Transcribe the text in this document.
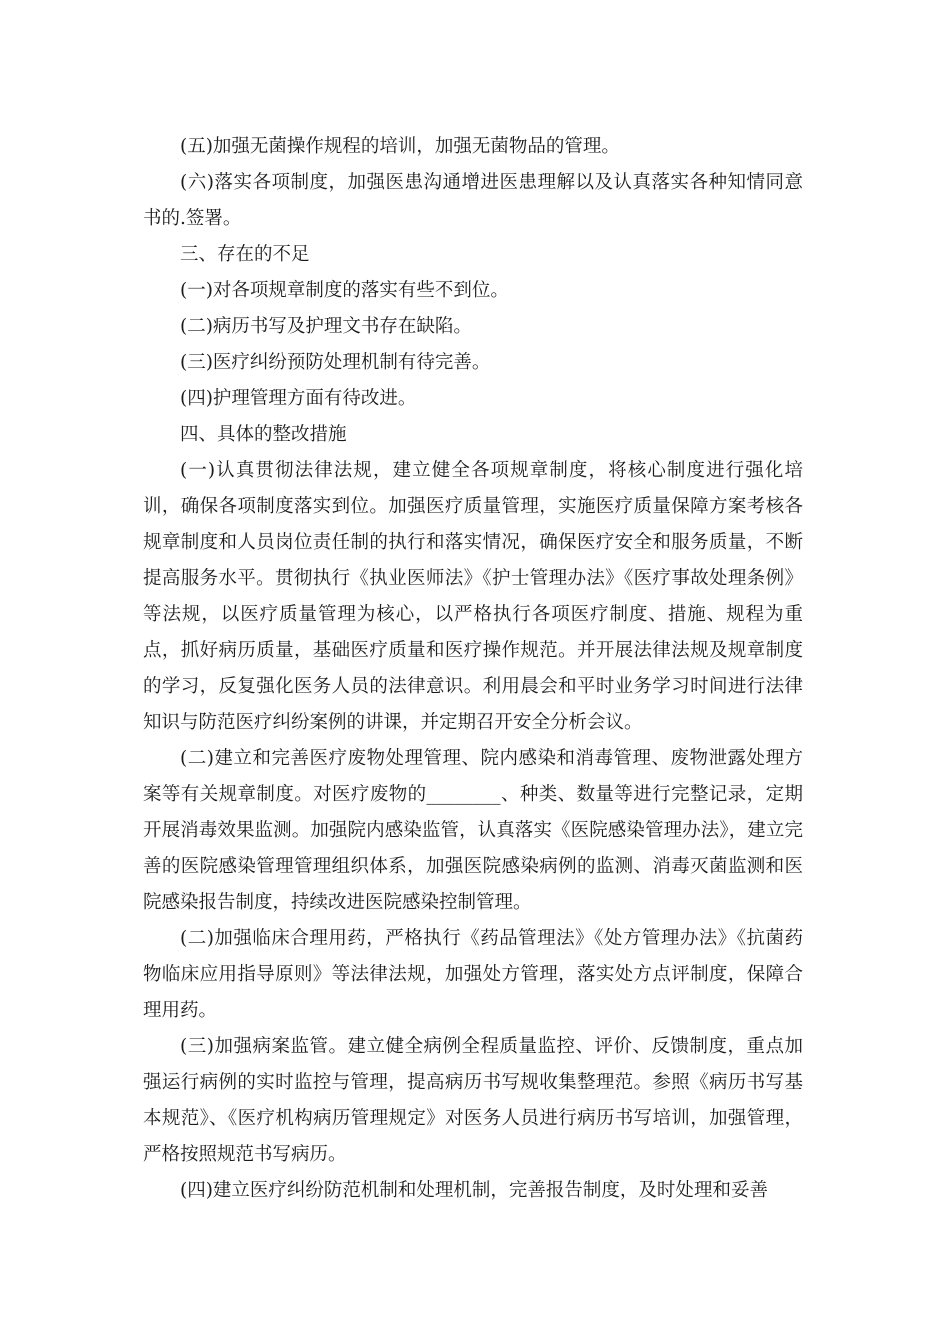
(五)加强无菌操作规程的培训，加强无菌物品的管理。

(六)落实各项制度，加强医患沟通增进医患理解以及认真落实各种知情同意书的.签署。

三、存在的不足

(一)对各项规章制度的落实有些不到位。

(二)病历书写及护理文书存在缺陷。

(三)医疗纠纷预防处理机制有待完善。

(四)护理管理方面有待改进。

四、具体的整改措施

(一)认真贯彻法律法规，建立健全各项规章制度，将核心制度进行强化培训，确保各项制度落实到位。加强医疗质量管理，实施医疗质量保障方案考核各规章制度和人员岗位责任制的执行和落实情况，确保医疗安全和服务质量，不断提高服务水平。贯彻执行《执业医师法》《护士管理办法》《医疗事故处理条例》等法规，以医疗质量管理为核心，以严格执行各项医疗制度、措施、规程为重点，抓好病历质量，基础医疗质量和医疗操作规范。并开展法律法规及规章制度的学习，反复强化医务人员的法律意识。利用晨会和平时业务学习时间进行法律知识与防范医疗纠纷案例的讲课，并定期召开安全分析会议。

(二)建立和完善医疗废物处理管理、院内感染和消毒管理、废物泄露处理方案等有关规章制度。对医疗废物的________、种类、数量等进行完整记录，定期开展消毒效果监测。加强院内感染监管，认真落实《医院感染管理办法》，建立完善的医院感染管理管理组织体系，加强医院感染病例的监测、消毒灭菌监测和医院感染报告制度，持续改进医院感染控制管理。

(二)加强临床合理用药，严格执行《药品管理法》《处方管理办法》《抗菌药物临床应用指导原则》等法律法规，加强处方管理，落实处方点评制度，保障合理用药。

(三)加强病案监管。建立健全病例全程质量监控、评价、反馈制度，重点加强运行病例的实时监控与管理，提高病历书写规收集整理范。参照《病历书写基本规范》、《医疗机构病历管理规定》对医务人员进行病历书写培训，加强管理，严格按照规范书写病历。

(四)建立医疗纠纷防范机制和处理机制，完善报告制度，及时处理和妥善
